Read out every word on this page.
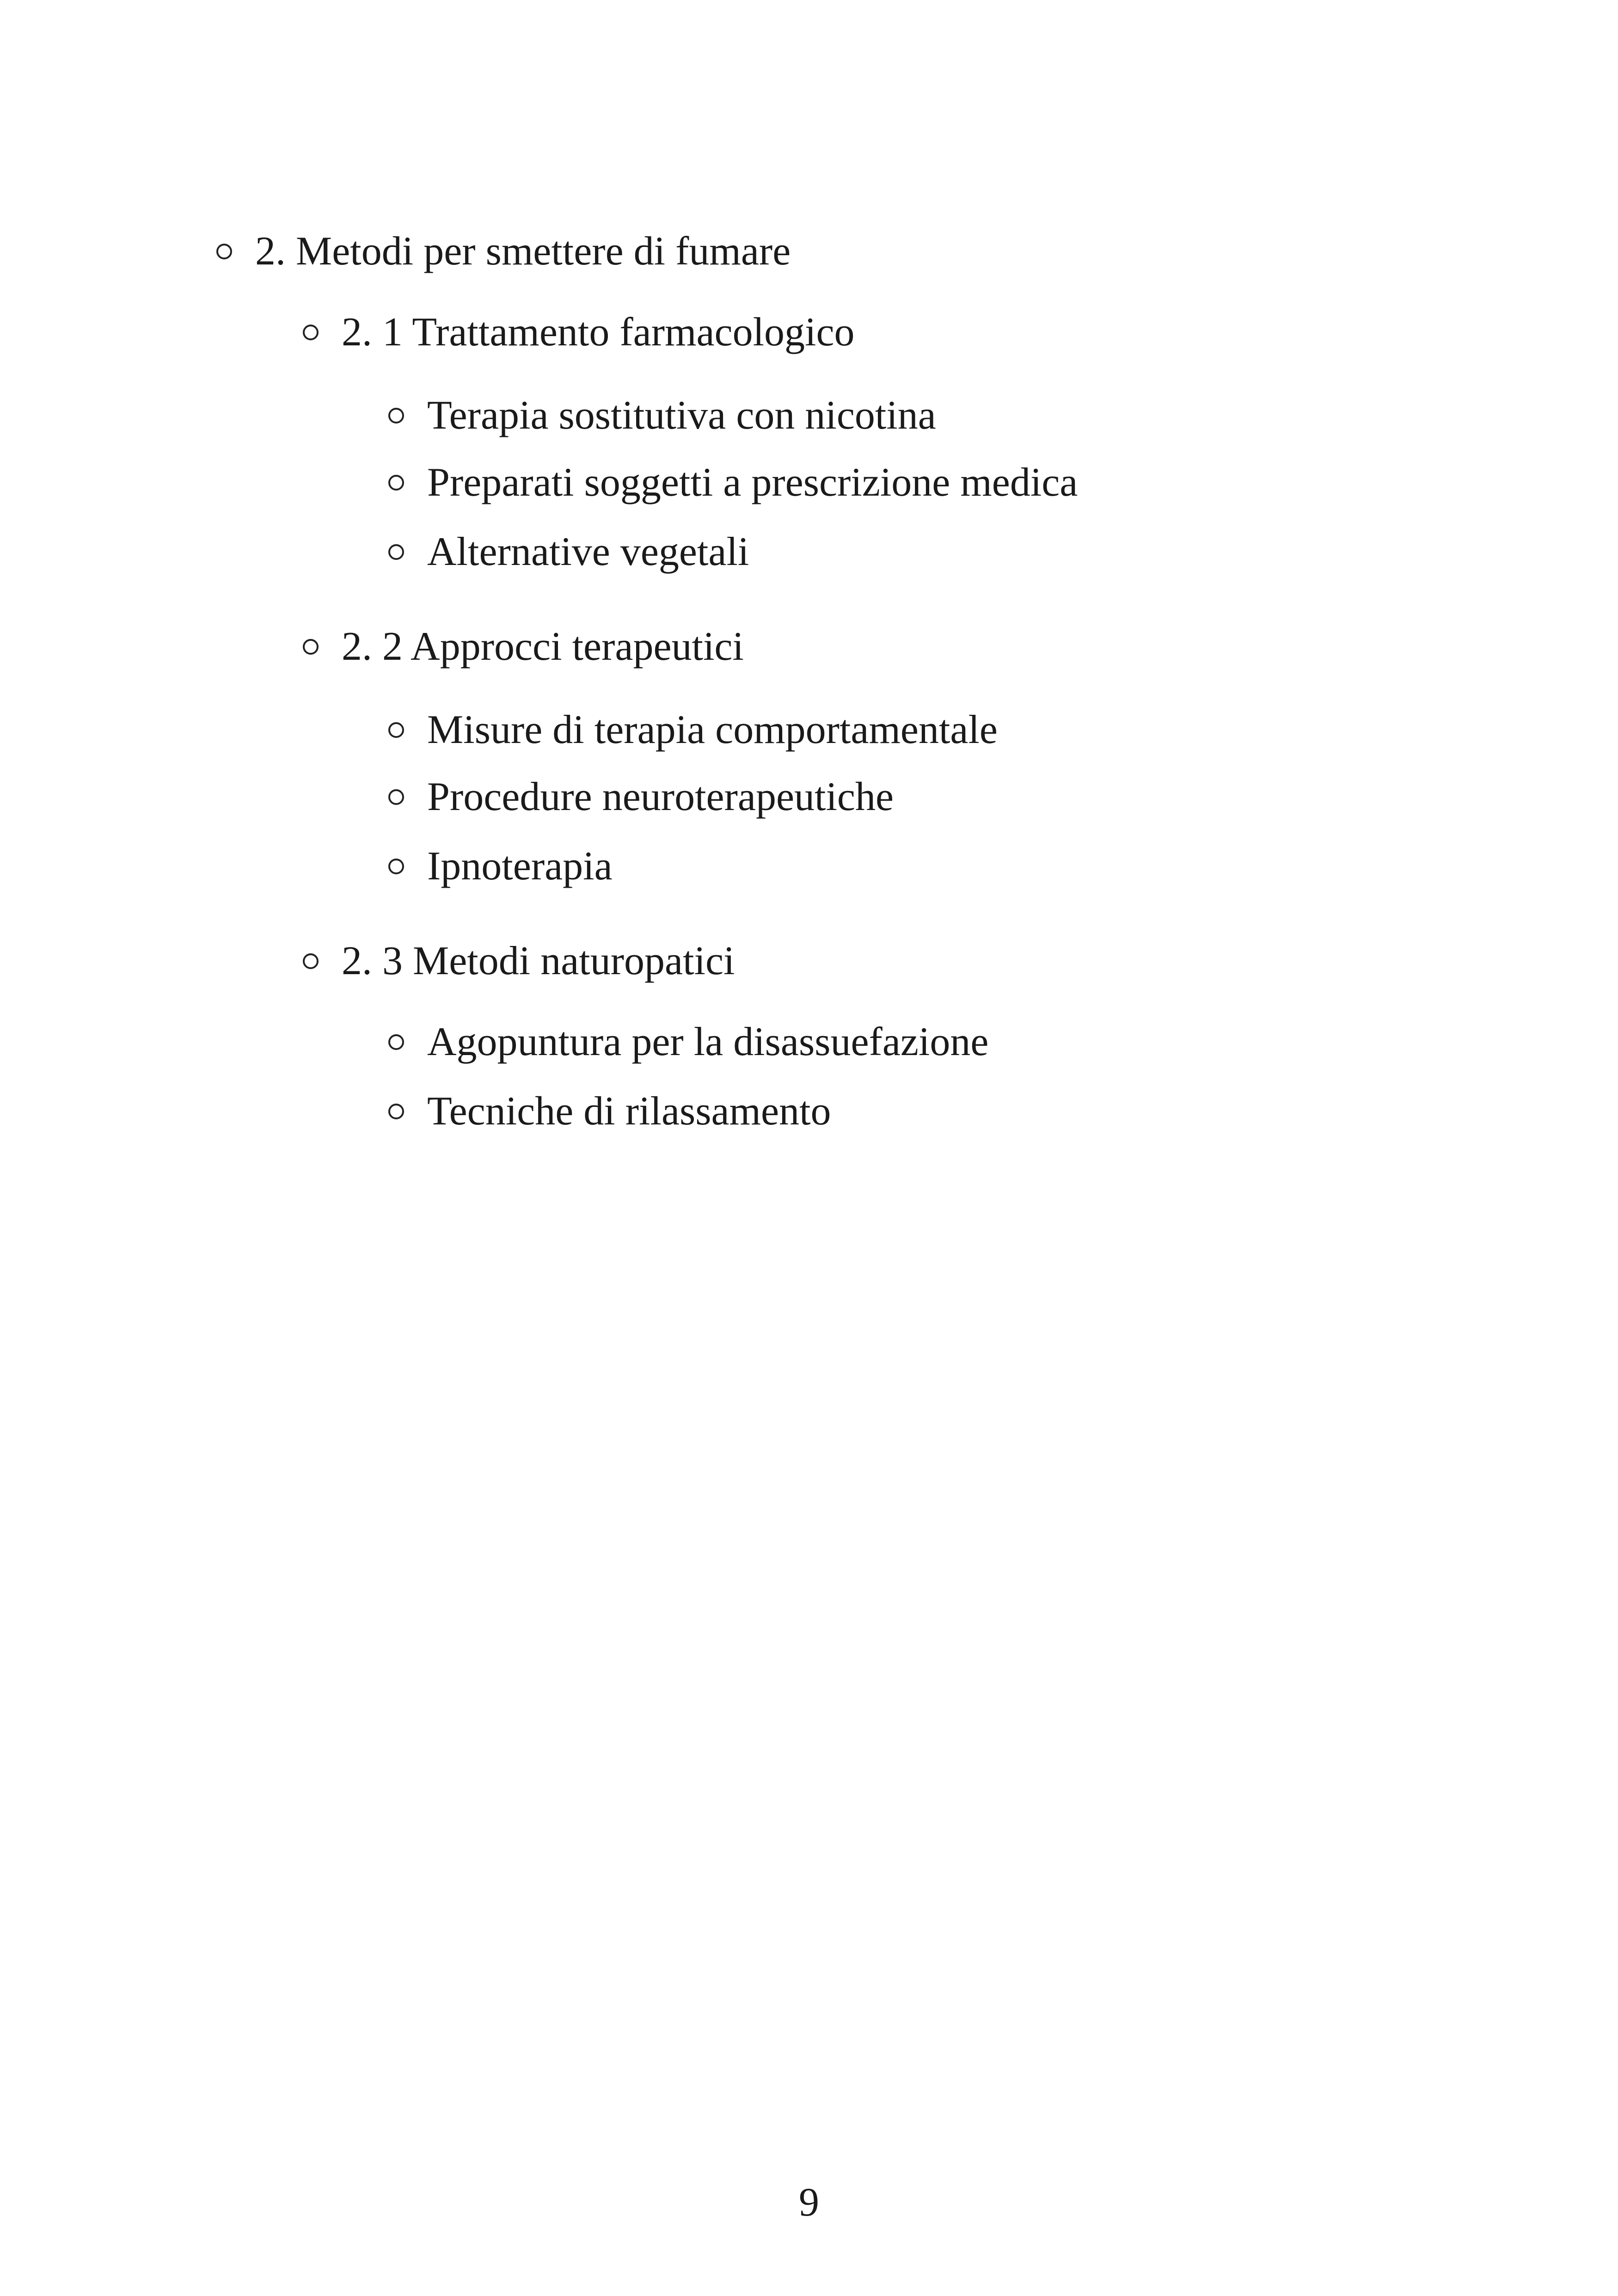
2. Metodi per smettere di fumare
2. 1 Trattamento farmacologico
Terapia sostitutiva con nicotina
Preparati soggetti a prescrizione medica
Alternative vegetali
2. 2 Approcci terapeutici
Misure di terapia comportamentale
Procedure neuroterapeutiche
Ipnoterapia
2. 3 Metodi naturopatici
Agopuntura per la disassuefazione
Tecniche di rilassamento
9
